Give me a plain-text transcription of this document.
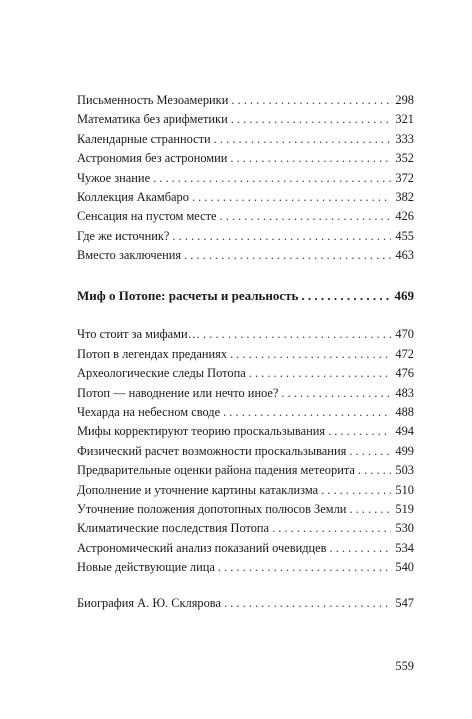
Письменность Мезоамерики . . .	298
Математика без арифметики . . .	321
Календарные странности . . .	333
Астрономия без астрономии . . .	352
Чужое знание . . .	372
Коллекция Акамбаро . . .	382
Сенсация на пустом месте . . .	426
Где же источник? . . .	455
Вместо заключения . . .	463
Миф о Потопе: расчеты и реальность . . .	469
Что стоит за мифами… . . .	470
Потоп в легендах преданиях . . .	472
Археологические следы Потопа . . .	476
Потоп — наводнение или нечто иное? . . .	483
Чехарда на небесном своде . . .	488
Мифы корректируют теорию проскальзывания . . .	494
Физический расчет возможности проскальзывания . . .	499
Предварительные оценки района падения метеорита . . .	503
Дополнение и уточнение картины катаклизма . . .	510
Уточнение положения допотопных полюсов Земли . . .	519
Климатические последствия Потопа . . .	530
Астрономический анализ показаний очевидцев . . .	534
Новые действующие лица . . .	540
Биография А. Ю. Склярова . . .	547
559
